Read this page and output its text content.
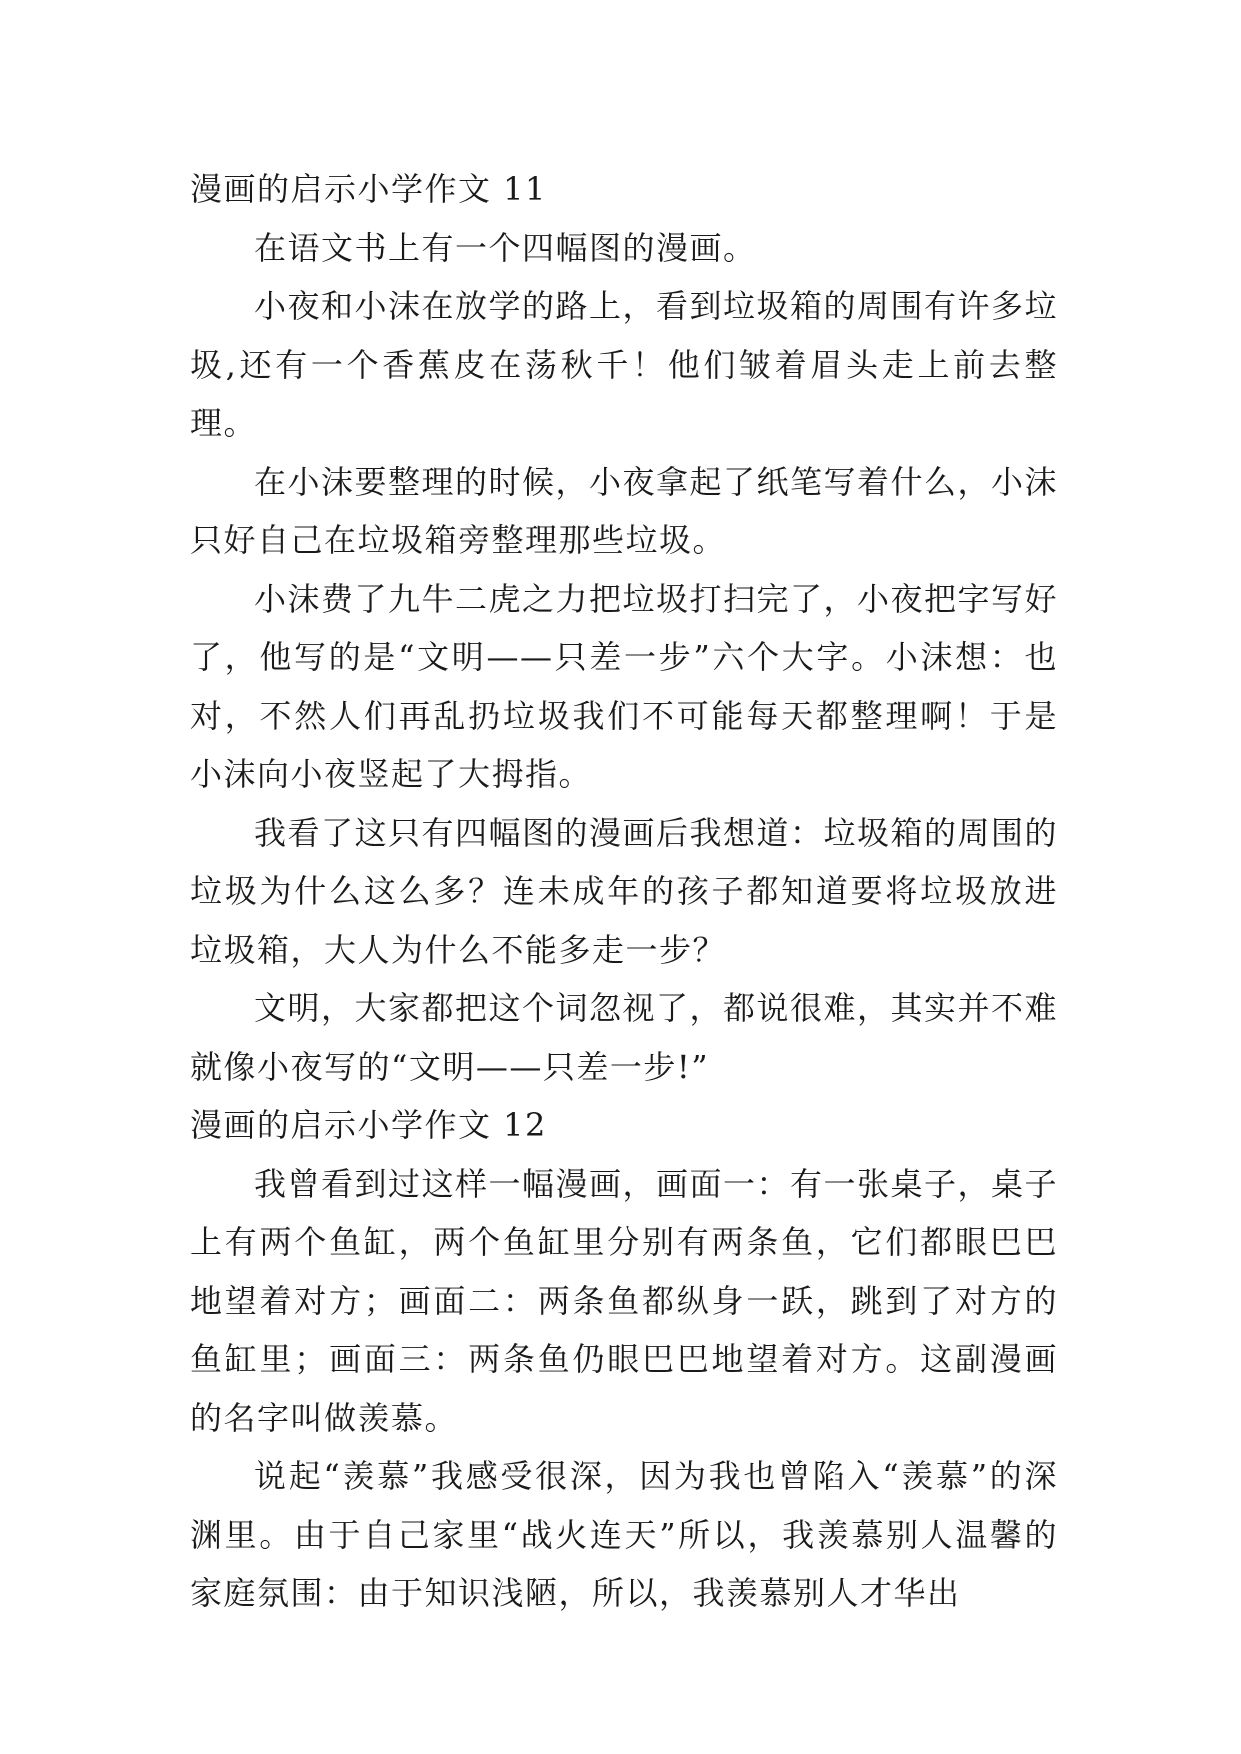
漫画的启示小学作文 11

在语文书上有一个四幅图的漫画。

小夜和小沫在放学的路上，看到垃圾箱的周围有许多垃圾,还有一个香蕉皮在荡秋千！他们皱着眉头走上前去整理。

在小沫要整理的时候，小夜拿起了纸笔写着什么，小沫只好自己在垃圾箱旁整理那些垃圾。

小沫费了九牛二虎之力把垃圾打扫完了，小夜把字写好了，他写的是“文明——只差一步”六个大字。小沫想：也对，不然人们再乱扔垃圾我们不可能每天都整理啊！于是小沫向小夜竖起了大拇指。

我看了这只有四幅图的漫画后我想道：垃圾箱的周围的垃圾为什么这么多？连未成年的孩子都知道要将垃圾放进垃圾箱，大人为什么不能多走一步？

文明，大家都把这个词忽视了，都说很难，其实并不难就像小夜写的“文明——只差一步!”

漫画的启示小学作文 12

我曾看到过这样一幅漫画，画面一：有一张桌子，桌子上有两个鱼缸，两个鱼缸里分别有两条鱼，它们都眼巴巴地望着对方；画面二：两条鱼都纵身一跃，跳到了对方的鱼缸里；画面三：两条鱼仍眼巴巴地望着对方。这副漫画的名字叫做羡慕。

说起“羡慕”我感受很深，因为我也曾陷入“羡慕”的深渊里。由于自己家里“战火连天”所以，我羡慕别人温馨的家庭氛围：由于知识浅陋，所以，我羡慕别人才华出
